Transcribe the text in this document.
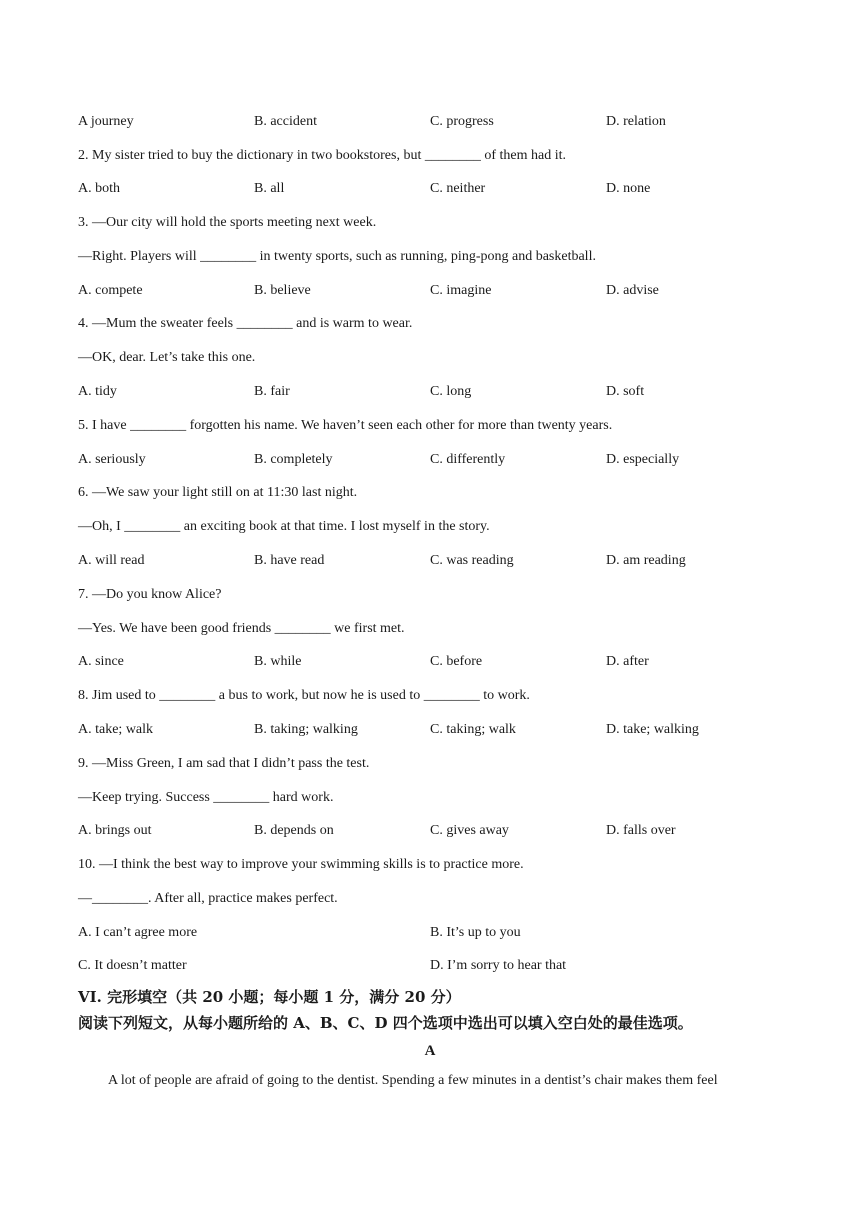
A journey	B. accident	C. progress	D. relation
2. My sister tried to buy the dictionary in two bookstores, but ________ of them had it.
A. both	B. all	C. neither	D. none
3. —Our city will hold the sports meeting next week.
—Right. Players will ________ in twenty sports, such as running, ping-pong and basketball.
A. compete	B. believe	C. imagine	D. advise
4. —Mum the sweater feels ________ and is warm to wear.
—OK, dear. Let’s take this one.
A. tidy	B. fair	C. long	D. soft
5. I have ________ forgotten his name. We haven’t seen each other for more than twenty years.
A. seriously	B. completely	C. differently	D. especially
6. —We saw your light still on at 11:30 last night.
—Oh, I ________ an exciting book at that time. I lost myself in the story.
A. will read	B. have read	C. was reading	D. am reading
7. —Do you know Alice?
—Yes. We have been good friends ________ we first met.
A. since	B. while	C. before	D. after
8. Jim used to ________ a bus to work, but now he is used to ________ to work.
A. take; walk	B. taking; walking	C. taking; walk	D. take; walking
9. —Miss Green, I am sad that I didn’t pass the test.
—Keep trying. Success ________ hard work.
A. brings out	B. depends on	C. gives away	D. falls over
10. —I think the best way to improve your swimming skills is to practice more.
—________. After all, practice makes perfect.
A. I can’t agree more	B. It’s up to you
C. It doesn’t matter	D. I’m sorry to hear that
VI. 完形填空（共 20 小题；每小题 1 分，满分 20 分）
阅读下列短文，从每小题所给的 A、B、C、D 四个选项中选出可以填入空白处的最佳选项。
A
A lot of people are afraid of going to the dentist. Spending a few minutes in a dentist’s chair makes them feel
